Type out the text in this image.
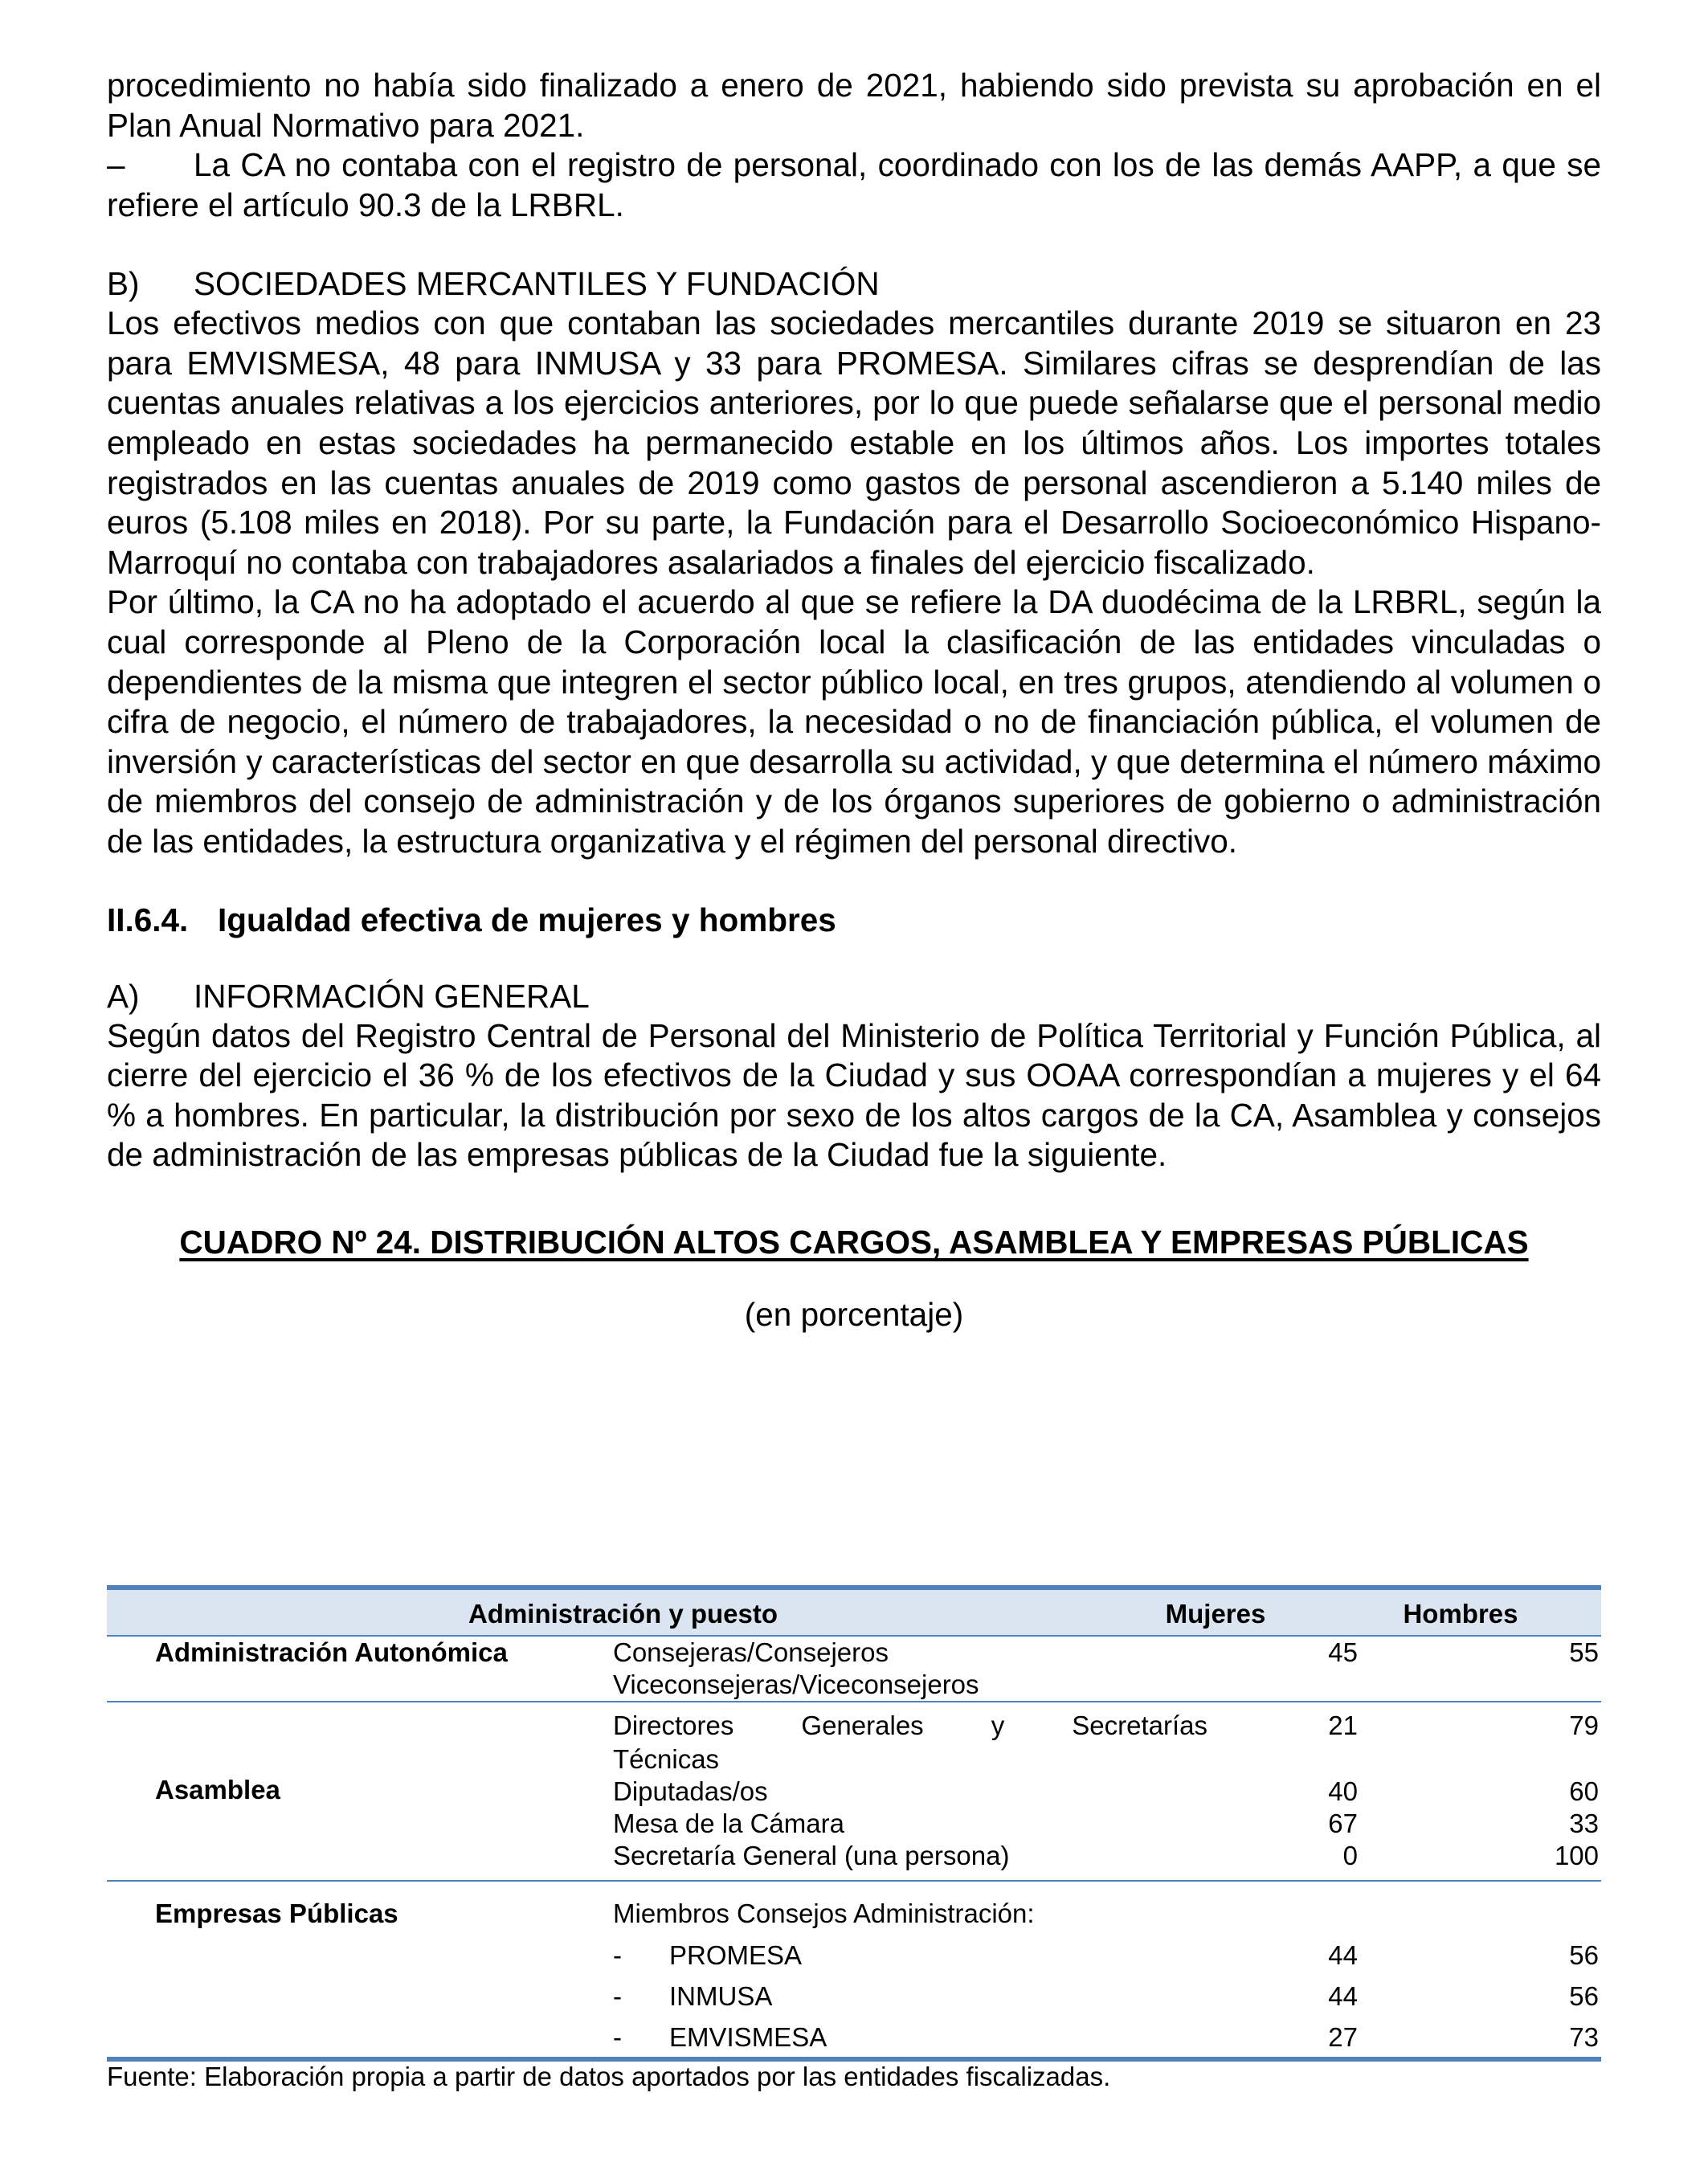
procedimiento no había sido finalizado a enero de 2021, habiendo sido prevista su aprobación en el Plan Anual Normativo para 2021.

– La CA no contaba con el registro de personal, coordinado con los de las demás AAPP, a que se refiere el artículo 90.3 de la LRBRL.

B) SOCIEDADES MERCANTILES Y FUNDACIÓN

Los efectivos medios con que contaban las sociedades mercantiles durante 2019 se situaron en 23 para EMVISMESA, 48 para INMUSA y 33 para PROMESA. Similares cifras se desprendían de las cuentas anuales relativas a los ejercicios anteriores, por lo que puede señalarse que el personal medio empleado en estas sociedades ha permanecido estable en los últimos años. Los importes totales registrados en las cuentas anuales de 2019 como gastos de personal ascendieron a 5.140 miles de euros (5.108 miles en 2018). Por su parte, la Fundación para el Desarrollo Socioeconómico Hispano-Marroquí no contaba con trabajadores asalariados a finales del ejercicio fiscalizado.

Por último, la CA no ha adoptado el acuerdo al que se refiere la DA duodécima de la LRBRL, según la cual corresponde al Pleno de la Corporación local la clasificación de las entidades vinculadas o dependientes de la misma que integren el sector público local, en tres grupos, atendiendo al volumen o cifra de negocio, el número de trabajadores, la necesidad o no de financiación pública, el volumen de inversión y características del sector en que desarrolla su actividad, y que determina el número máximo de miembros del consejo de administración y de los órganos superiores de gobierno o administración de las entidades, la estructura organizativa y el régimen del personal directivo.

II.6.4. Igualdad efectiva de mujeres y hombres

A) INFORMACIÓN GENERAL

Según datos del Registro Central de Personal del Ministerio de Política Territorial y Función Pública, al cierre del ejercicio el 36 % de los efectivos de la Ciudad y sus OOAA correspondían a mujeres y el 64 % a hombres. En particular, la distribución por sexo de los altos cargos de la CA, Asamblea y consejos de administración de las empresas públicas de la Ciudad fue la siguiente.

CUADRO Nº 24. DISTRIBUCIÓN ALTOS CARGOS, ASAMBLEA Y EMPRESAS PÚBLICAS

(en porcentaje)

Administración y puesto	Mujeres	Hombres
Administración Autonómica	Consejeras/Consejeros	45	55
Viceconsejeras/Viceconsejeros
Asamblea
Directores Generales y Secretarías	21	79
Técnicas
Diputadas/os	40	60
Mesa de la Cámara	67	33
Secretaría General (una persona)	0	100
Empresas Públicas	Miembros Consejos Administración:
- PROMESA	44	56
- INMUSA	44	56
- EMVISMESA	27	73

Fuente: Elaboración propia a partir de datos aportados por las entidades fiscalizadas.
